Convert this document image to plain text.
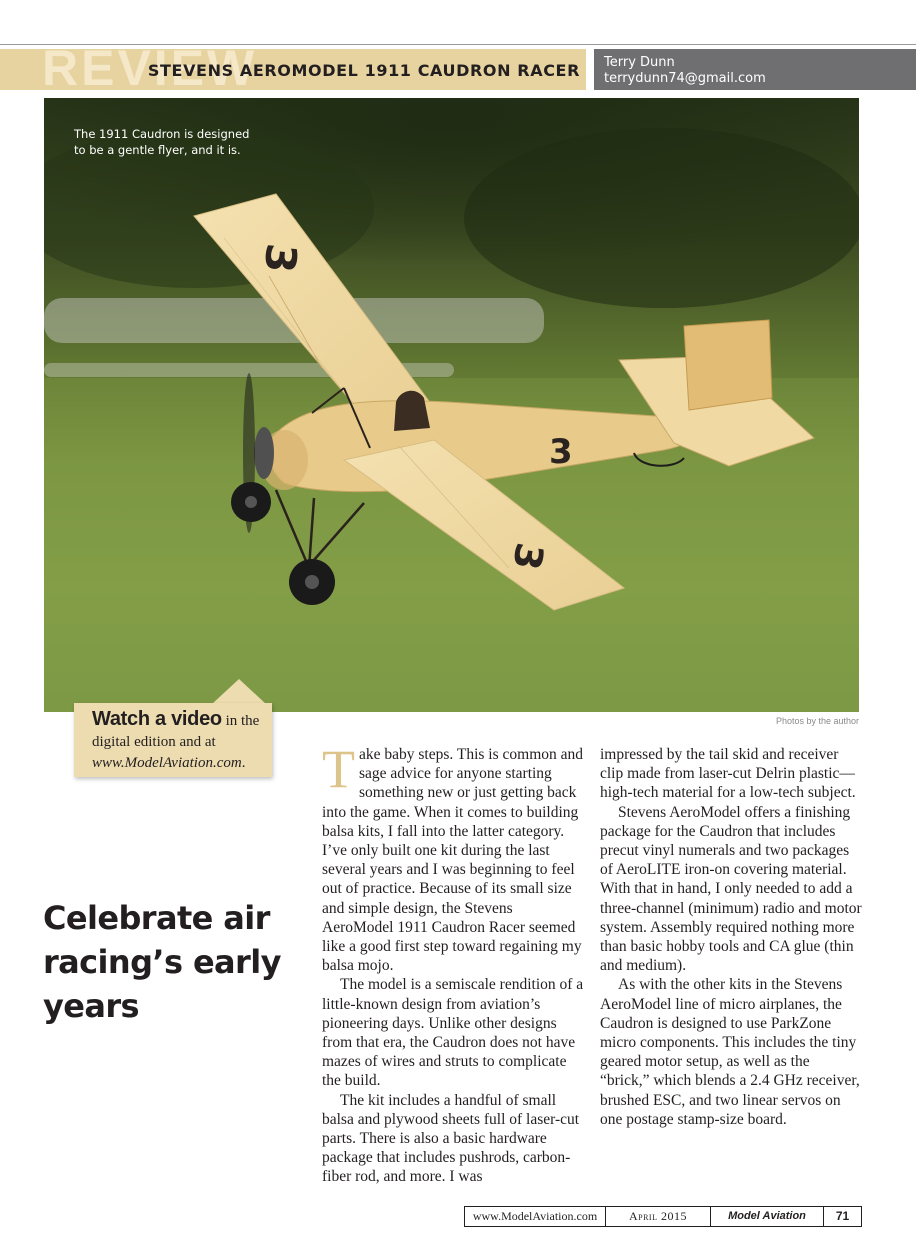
REVIEW
STEVENS AEROMODEL 1911 CAUDRON RACER Terry Dunn
terrydunn74@gmail.com
3
3
3
The 1911 Caudron is designed to be a gentle flyer, and it is.
Photos by the author
Watch a video in the digital edition and at www.ModelAviation.com.
Celebrate air racing’s early years

Take baby steps. This is common and sage advice for anyone starting something new or just getting back into the game. When it comes to building balsa kits, I fall into the latter category. I’ve only built one kit during the last several years and I was beginning to feel out of practice. Because of its small size and simple design, the Stevens AeroModel 1911 Caudron Racer seemed like a good first step toward regaining my balsa mojo.

The model is a semiscale rendition of a little-known design from aviation’s pioneering days. Unlike other designs from that era, the Caudron does not have mazes of wires and struts to complicate the build.

The kit includes a handful of small balsa and plywood sheets full of laser-cut parts. There is also a basic hardware package that includes pushrods, carbon-fiber rod, and more. I was

impressed by the tail skid and receiver clip made from laser-cut Delrin plastic—high-tech material for a low-tech subject.

Stevens AeroModel offers a finishing package for the Caudron that includes precut vinyl numerals and two packages of AeroLITE iron-on covering material. With that in hand, I only needed to add a three-channel (minimum) radio and motor system. Assembly required nothing more than basic hobby tools and CA glue (thin and medium).

As with the other kits in the Stevens AeroModel line of micro airplanes, the Caudron is designed to use ParkZone micro components. This includes the tiny geared motor setup, as well as the “brick,” which blends a 2.4 GHz receiver, brushed ESC, and two linear servos on one postage stamp-size board.

www.ModelAviation.com	April 2015	Model Aviation	71
